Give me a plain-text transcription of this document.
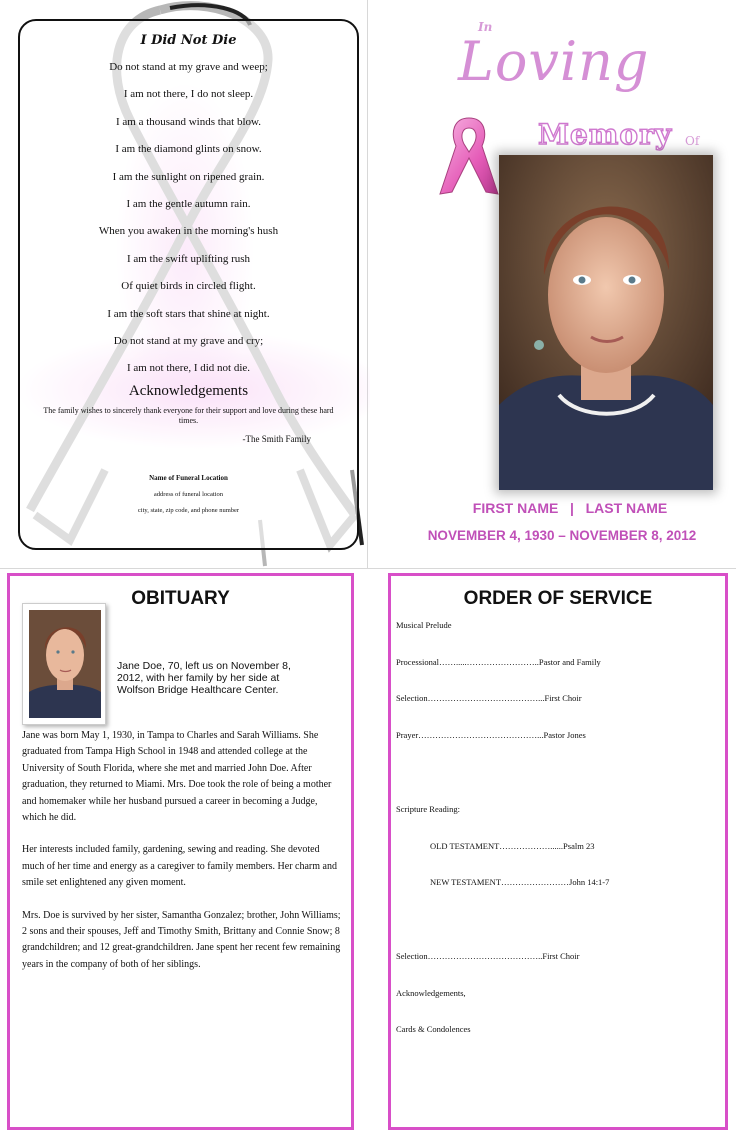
I Did Not Die
Do not stand at my grave and weep;
I am not there, I do not sleep.
I am a thousand winds that blow.
I am the diamond glints on snow.
I am the sunlight on ripened grain.
I am the gentle autumn rain.
When you awaken in the morning's hush
I am the swift uplifting rush
Of quiet birds in circled flight.
I am the soft stars that shine at night.
Do not stand at my grave and cry;
I am not there, I did not die.
Acknowledgements
The family wishes to sincerely thank everyone for their support and love during these hard times.
-The Smith Family
Name of Funeral Location
address of funeral location
city, state, zip code, and phone number
In
Loving
Memory Of
FIRST NAME   |   LAST NAME
NOVEMBER 4, 1930 – NOVEMBER 8, 2012
OBITUARY
Jane Doe, 70, left us on November 8, 2012, with her family by her side at Wolfson Bridge Healthcare Center.

Jane was born May 1, 1930, in Tampa to Charles and Sarah Williams. She graduated from Tampa High School in 1948 and attended college at the University of South Florida, where she met and married John Doe. After graduation, they returned to Miami. Mrs. Doe took the role of being a mother and homemaker while her husband pursued a career in becoming a Judge, which he did.

Her interests included family, gardening, sewing and reading. She devoted much of her time and energy as a caregiver to family members. Her charm and smile set enlightened any given moment.

Mrs. Doe is survived by her sister, Samantha Gonzalez; brother, John Williams; 2 sons and their spouses, Jeff and Timothy Smith, Brittany and Connie Snow; 8 grandchildren; and 12 great-grandchildren. Jane spent her recent few remaining years in the company of both of her siblings.

ORDER OF SERVICE
Musical Prelude
Processional…….....……………………..Pastor and Family
Selection…………………………………...First Choir
Prayer……………………………………...Pastor Jones
Scripture Reading:
OLD TESTAMENT………………......Psalm 23
NEW TESTAMENT……………………John 14:1-7
Selection…………………………………..First Choir
Acknowledgements,
Cards & Condolences
